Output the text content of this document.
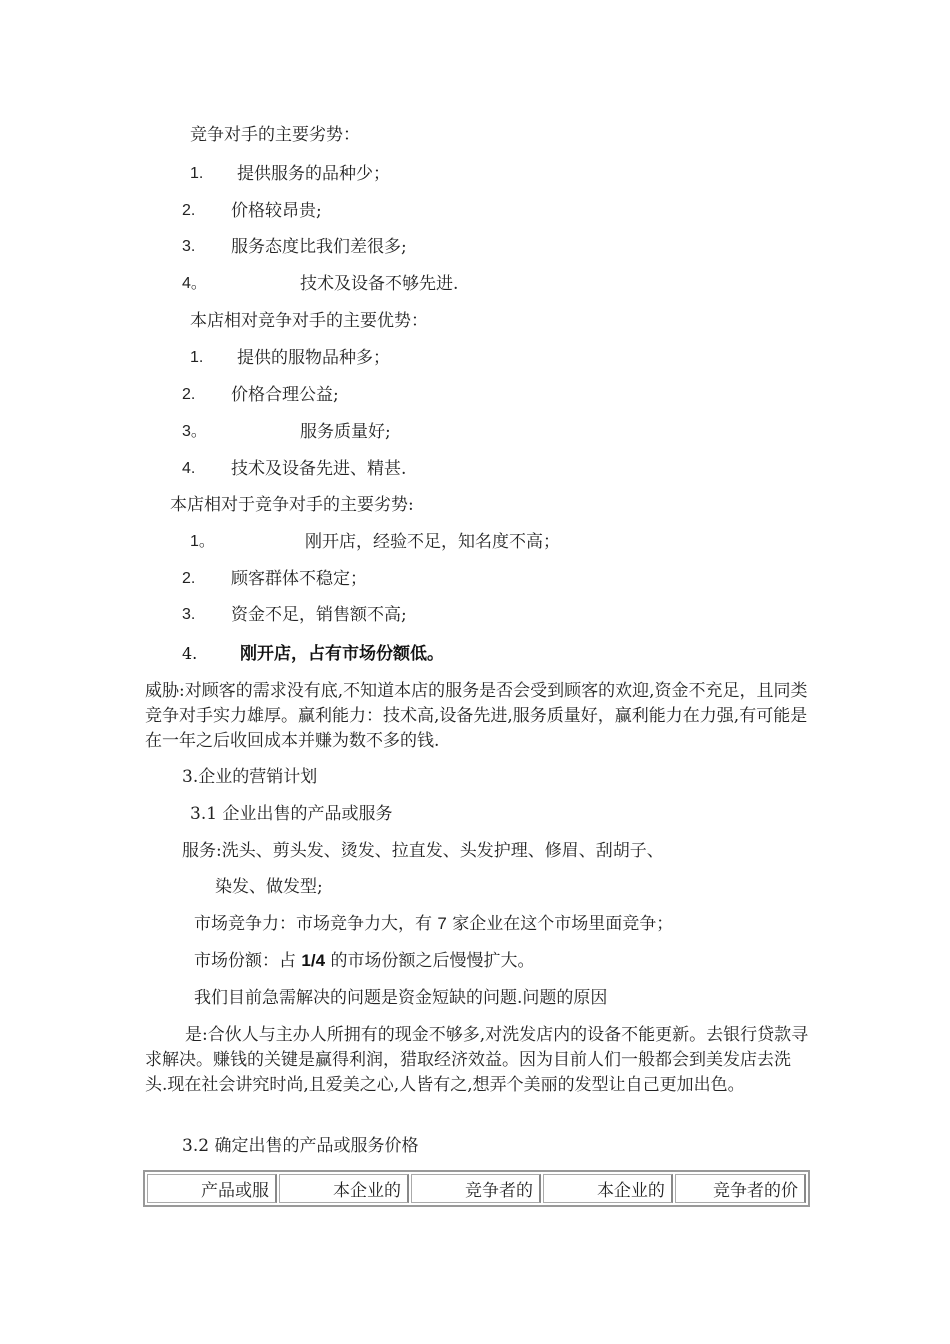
竞争对手的主要劣势：
1. 提供服务的品种少；
2. 价格较昂贵;
3. 服务态度比我们差很多;
4。	技术及设备不够先进.
本店相对竞争对手的主要优势：
1. 提供的服物品种多；
2. 价格合理公益;
3。	服务质量好;
4. 技术及设备先进、精甚.
本店相对于竞争对手的主要劣势:
1。	刚开店，经验不足，知名度不高；
2. 顾客群体不稳定；
3. 资金不足，销售额不高;
4.	刚开店，占有市场份额低。
威胁:对顾客的需求没有底,不知道本店的服务是否会受到顾客的欢迎,资金不充足，且同类竞争对手实力雄厚。赢利能力：技术高,设备先进,服务质量好，赢利能力在力强,有可能是在一年之后收回成本并赚为数不多的钱.
3.企业的营销计划
3.1 企业出售的产品或服务
服务:洗头、剪头发、烫发、拉直发、头发护理、修眉、刮胡子、
染发、做发型;
市场竞争力：市场竞争力大，有 7 家企业在这个市场里面竞争；
市场份额：占 1/4 的市场份额之后慢慢扩大。
我们目前急需解决的问题是资金短缺的问题.问题的原因
是:合伙人与主办人所拥有的现金不够多,对洗发店内的设备不能更新。去银行贷款寻求解决。赚钱的关键是赢得利润，猎取经济效益。因为目前人们一般都会到美发店去洗头.现在社会讲究时尚,且爱美之心,人皆有之,想弄个美丽的发型让自己更加出色。
3.2 确定出售的产品或服务价格
产品或服	本企业的	竞争者的	本企业的	竞争者的价
